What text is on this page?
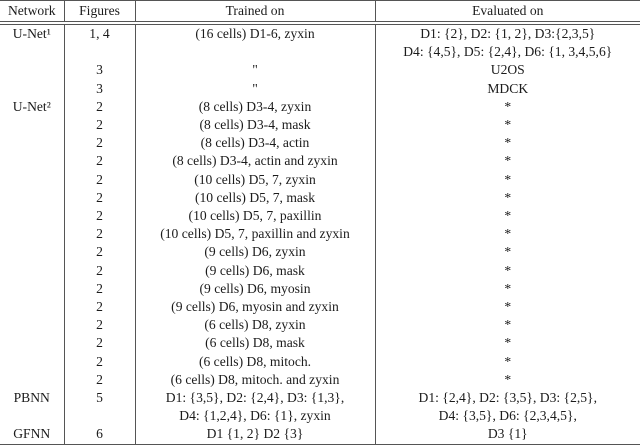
Network	Figures	Trained on	Evaluated on
U-Net¹	1, 4	(16 cells) D1-6, zyxin	D1: {2}, D2: {1, 2}, D3:{2,3,5}
			D4: {4,5}, D5: {2,4}, D6: {1, 3,4,5,6}
	3	"	U2OS
	3	"	MDCK
U-Net²	2	(8 cells) D3-4, zyxin	*
	2	(8 cells) D3-4, mask	*
	2	(8 cells) D3-4, actin	*
	2	(8 cells) D3-4, actin and zyxin	*
	2	(10 cells) D5, 7, zyxin	*
	2	(10 cells) D5, 7, mask	*
	2	(10 cells) D5, 7, paxillin	*
	2	(10 cells) D5, 7, paxillin and zyxin	*
	2	(9 cells) D6, zyxin	*
	2	(9 cells) D6, mask	*
	2	(9 cells) D6, myosin	*
	2	(9 cells) D6, myosin and zyxin	*
	2	(6 cells) D8, zyxin	*
	2	(6 cells) D8, mask	*
	2	(6 cells) D8, mitoch.	*
	2	(6 cells) D8, mitoch. and zyxin	*
PBNN	5	D1: {3,5}, D2: {2,4}, D3: {1,3},	D1: {2,4}, D2: {3,5}, D3: {2,5},
		D4: {1,2,4}, D6: {1}, zyxin	D4: {3,5}, D6: {2,3,4,5},
GFNN	6	D1 {1, 2} D2 {3}	D3 {1}
